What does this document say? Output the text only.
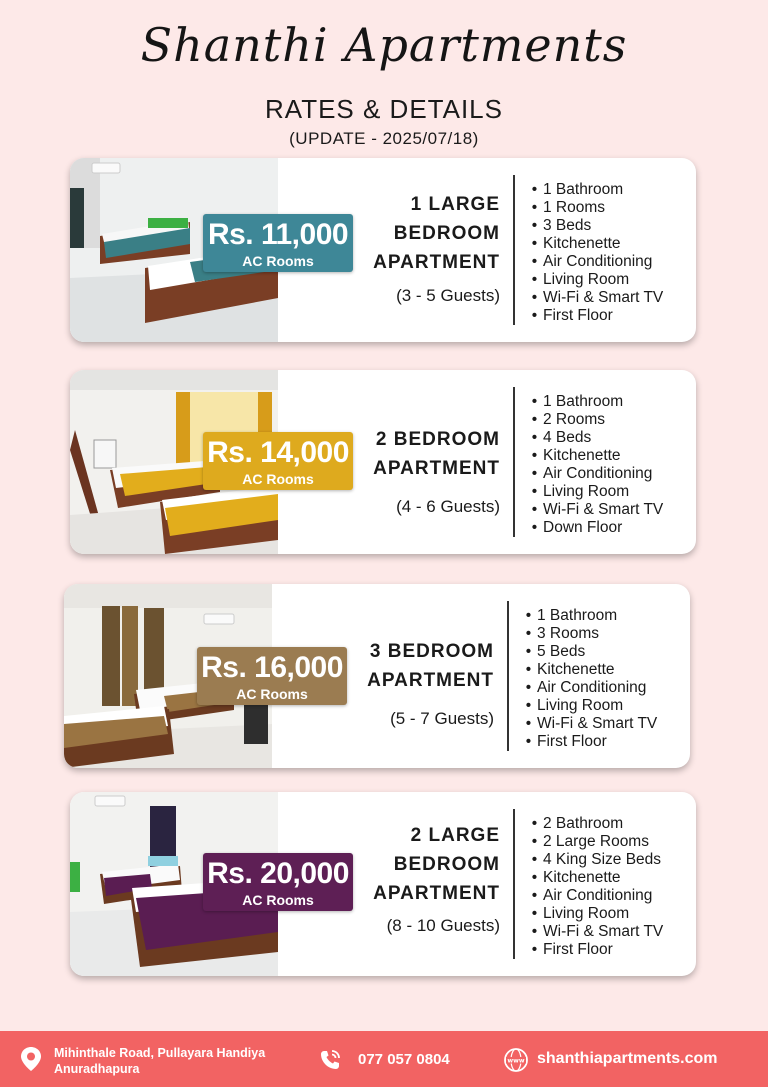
Shanthi Apartments
RATES & DETAILS
(UPDATE - 2025/07/18)
Rs. 11,000
AC Rooms
1 LARGE
BEDROOM
APARTMENT
(3 - 5 Guests)
• 1 Bathroom
• 1 Rooms
• 3 Beds
• Kitchenette
• Air Conditioning
• Living Room
• Wi-Fi & Smart TV
• First Floor
Rs. 14,000
AC Rooms
2 BEDROOM
APARTMENT
(4 - 6 Guests)
• 1 Bathroom
• 2 Rooms
• 4 Beds
• Kitchenette
• Air Conditioning
• Living Room
• Wi-Fi & Smart TV
• Down Floor
Rs. 16,000
AC Rooms
3 BEDROOM
APARTMENT
(5 - 7 Guests)
• 1 Bathroom
• 3 Rooms
• 5 Beds
• Kitchenette
• Air Conditioning
• Living Room
• Wi-Fi & Smart TV
• First Floor
Rs. 20,000
AC Rooms
2 LARGE
BEDROOM
APARTMENT
(8 - 10 Guests)
• 2 Bathroom
• 2 Large Rooms
• 4 King Size Beds
• Kitchenette
• Air Conditioning
• Living Room
• Wi-Fi & Smart TV
• First Floor
Mihinthale Road, Pullayara Handiya
Anuradhapura
077 057 0804	www shanthiapartments.com
